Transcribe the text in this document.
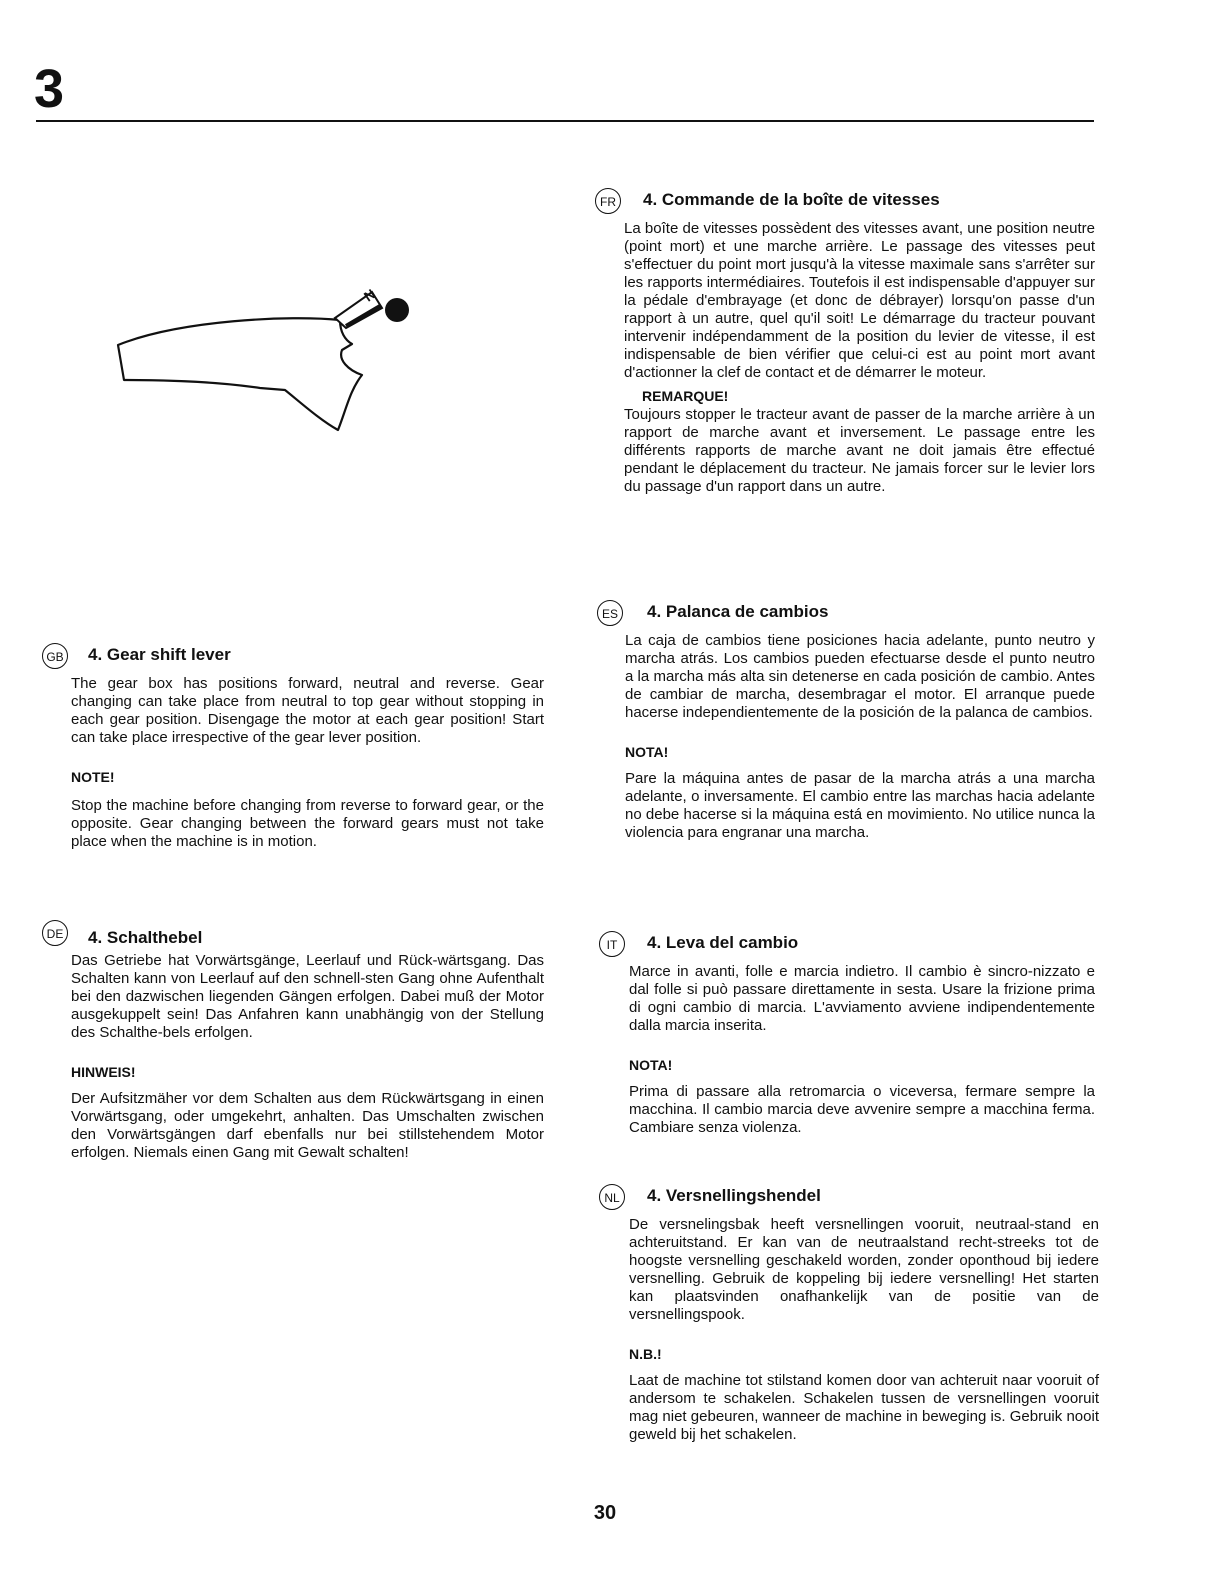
3
N
FR 4. Commande de la boîte de vitesses

La boîte de vitesses possèdent des vitesses avant, une position neutre (point mort) et une marche arrière. Le passage des vitesses peut s'effectuer du point mort jusqu'à la vitesse maximale sans s'arrêter sur les rapports intermédiaires. Toutefois il est indispensable d'appuyer sur la pédale d'embrayage (et donc de débrayer) lorsqu'on passe d'un rapport à un autre, quel qu'il soit! Le démarrage du tracteur pouvant intervenir indépendamment de la position du levier de vitesse, il est indispensable de bien vérifier que celui-ci est au point mort avant d'actionner la clef de contact et de démarrer le moteur.

REMARQUE!

Toujours stopper le tracteur avant de passer de la marche arrière à un rapport de marche avant et inversement. Le passage entre les différents rapports de marche avant ne doit jamais être effectué pendant le déplacement du tracteur. Ne jamais forcer sur le levier lors du passage d'un rapport dans un autre.

ES 4. Palanca de cambios

La caja de cambios tiene posiciones hacia adelante, punto neutro y marcha atrás. Los cambios pueden efectuarse desde el punto neutro a la marcha más alta sin detenerse en cada posición de cambio. Antes de cambiar de marcha, desembragar el motor. El arranque puede hacerse independientemente de la posición de la palanca de cambios.

NOTA!

Pare la máquina antes de pasar de la marcha atrás a una marcha adelante, o inversamente. El cambio entre las marchas hacia adelante no debe hacerse si la máquina está en movimiento. No utilice nunca la violencia para engranar una marcha.

IT	4. Leva del cambio

Marce in avanti, folle e marcia indietro. Il cambio è sincro-nizzato e dal folle si può passare direttamente in sesta. Usare la frizione prima di ogni cambio di marcia. L'avviamento avviene indipendentemente dalla marcia inserita.

NOTA!

Prima di passare alla retromarcia o viceversa, fermare sempre la macchina. Il cambio marcia deve avvenire sempre a macchina ferma. Cambiare senza violenza.

NL	4. Versnellingshendel

De versnelingsbak heeft versnellingen vooruit, neutraal-stand en achteruitstand. Er kan van de neutraalstand recht-streeks tot de hoogste versnelling geschakeld worden, zonder oponthoud bij iedere versnelling. Gebruik de koppeling bij iedere versnelling! Het starten kan plaatsvinden onafhankelijk van de positie van de versnellingspook.

N.B.!

Laat de machine tot stilstand komen door van achteruit naar vooruit of andersom te schakelen. Schakelen tussen de versnellingen vooruit mag niet gebeuren, wanneer de machine in beweging is. Gebruik nooit geweld bij het schakelen.

GB 4. Gear shift lever

The gear box has positions forward, neutral and reverse. Gear changing can take place from neutral to top gear without stopping in each gear position. Disengage the motor at each gear position! Start can take place irrespective of the gear lever position.

NOTE!

Stop the machine before changing from reverse to forward gear, or the opposite. Gear changing between the forward gears must not take place when the machine is in motion.

DE 4. Schalthebel

Das Getriebe hat Vorwärtsgänge, Leerlauf und Rück-wärtsgang. Das Schalten kann von Leerlauf auf den schnell-sten Gang ohne Aufenthalt bei den dazwischen liegenden Gängen erfolgen. Dabei muß der Motor ausgekuppelt sein! Das Anfahren kann unabhängig von der Stellung des Schalthe-bels erfolgen.

HINWEIS!

Der Aufsitzmäher vor dem Schalten aus dem Rückwärtsgang in einen Vorwärtsgang, oder umgekehrt, anhalten. Das Umschalten zwischen den Vorwärtsgängen darf ebenfalls nur bei stillstehendem Motor erfolgen. Niemals einen Gang mit Gewalt schalten!

30
